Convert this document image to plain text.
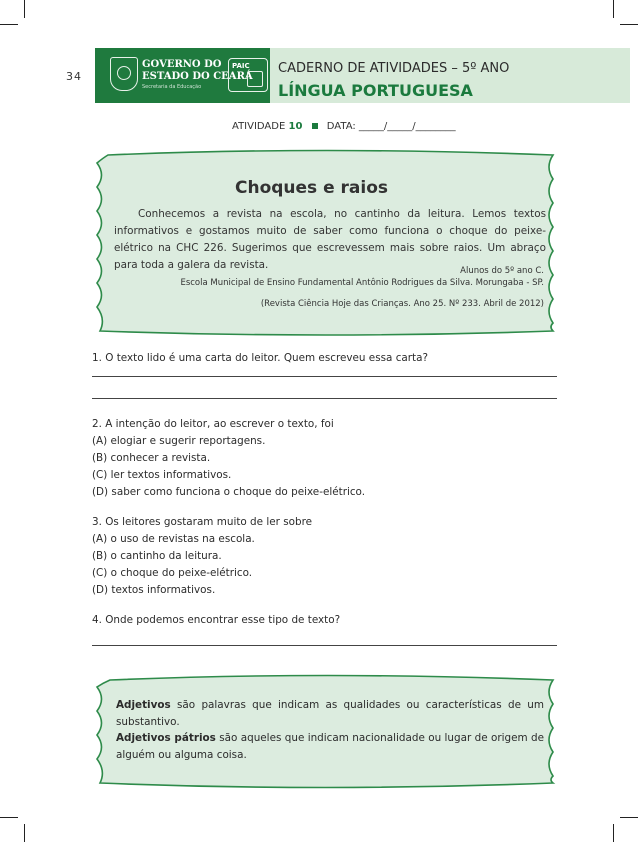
34
GOVERNO DO
ESTADO DO CEARÁ
Secretaria da Educação
PAIC CADERNO DE ATIVIDADES – 5º ANO
LÍNGUA PORTUGUESA
ATIVIDADE 10 DATA: _____/_____/________
Choques e raios

Conhecemos a revista na escola, no cantinho da leitura. Lemos textos informativos e gostamos muito de saber como funciona o choque do peixe-elétrico na CHC 226. Sugerimos que escrevessem mais sobre raios. Um abraço para toda a galera da revista.	Alunos do 5º ano C.
Escola Municipal de Ensino Fundamental Antônio Rodrigues da Silva. Morungaba - SP.
(Revista Ciência Hoje das Crianças. Ano 25. Nº 233. Abril de 2012)
1. O texto lido é uma carta do leitor. Quem escreveu essa carta?
2. A intenção do leitor, ao escrever o texto, foi
(A) elogiar e sugerir reportagens.
(B) conhecer a revista.
(C) ler textos informativos.
(D) saber como funciona o choque do peixe-elétrico.
3. Os leitores gostaram muito de ler sobre
(A) o uso de revistas na escola.
(B) o cantinho da leitura.
(C) o choque do peixe-elétrico.
(D) textos informativos.
4. Onde podemos encontrar esse tipo de texto?
Adjetivos são palavras que indicam as qualidades ou características de um substantivo.
Adjetivos pátrios são aqueles que indicam nacionalidade ou lugar de origem de alguém ou alguma coisa.
